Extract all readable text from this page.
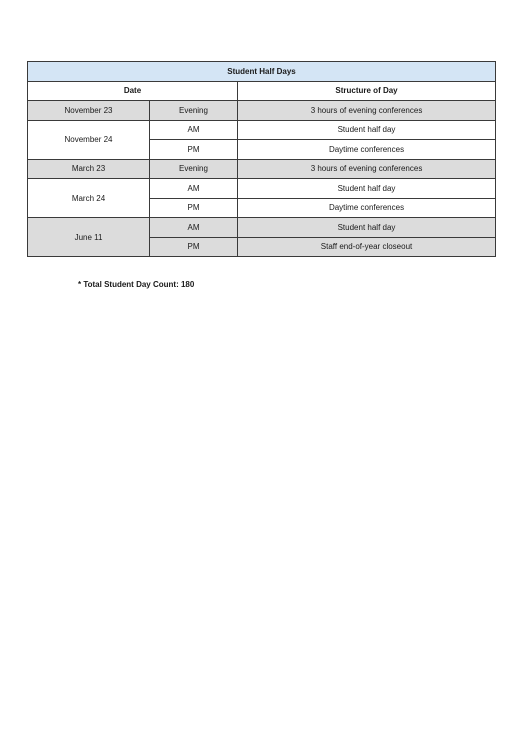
Student Half Days		
Date		Structure of Day
November 23	Evening	3 hours of evening conferences
November 24	AM	Student half day
	PM	Daytime conferences
March 23	Evening	3 hours of evening conferences
March 24	AM	Student half day
	PM	Daytime conferences
June 11	AM	Student half day
	PM	Staff end-of-year closeout
* Total Student Day Count: 180
